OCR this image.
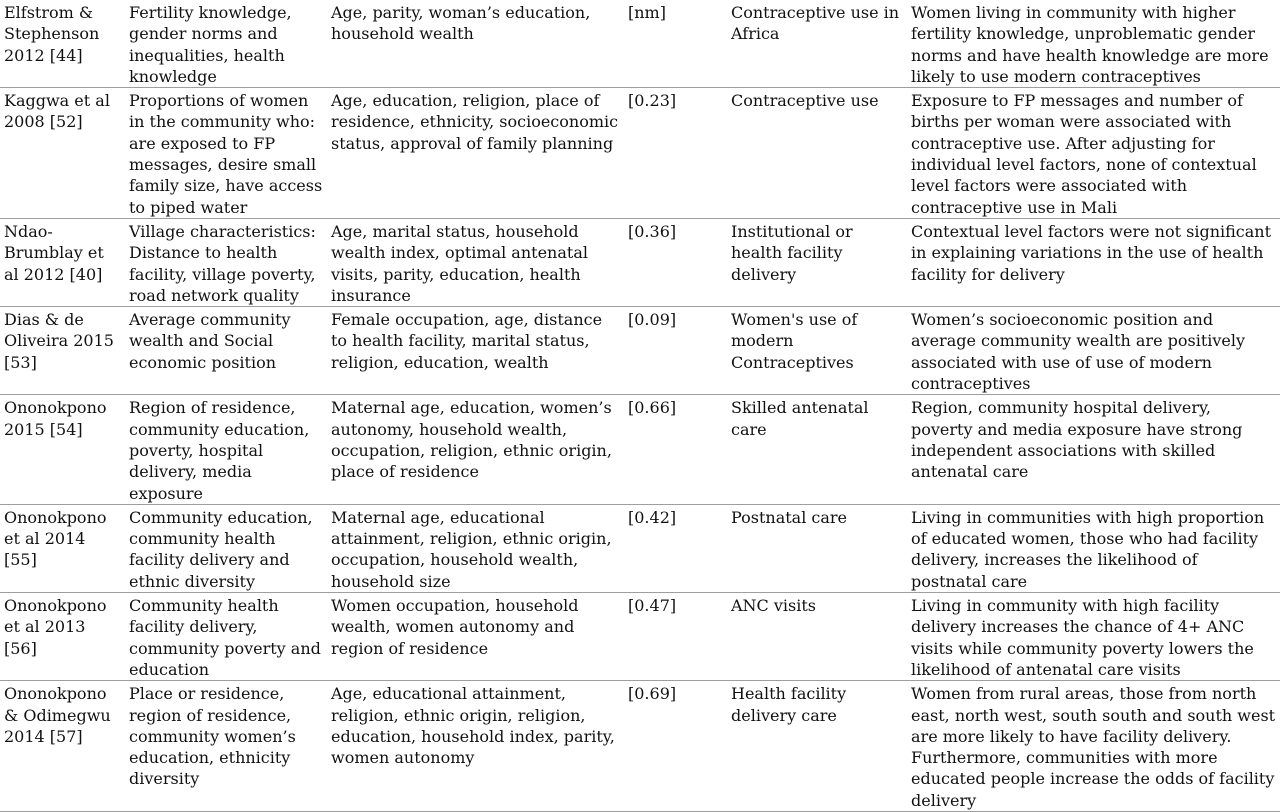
Elfstrom & Stephenson 2012 [44]	Fertility knowledge, gender norms and inequalities, health knowledge	Age, parity, woman’s education, household wealth	[nm]	Contraceptive use in Africa	Women living in community with higher fertility knowledge, unproblematic gender norms and have health knowledge are more likely to use modern contraceptives
Kaggwa et al 2008 [52]	Proportions of women in the community who: are exposed to FP messages, desire small family size, have access to piped water	Age, education, religion, place of residence, ethnicity, socioeconomic status, approval of family planning	[0.23]	Contraceptive use	Exposure to FP messages and number of births per woman were associated with contraceptive use. After adjusting for individual level factors, none of contextual level factors were associated with contraceptive use in Mali
Ndao-Brumblay et al 2012 [40]	Village characteristics: Distance to health facility, village poverty, road network quality	Age, marital status, household wealth index, optimal antenatal visits, parity, education, health insurance	[0.36]	Institutional or health facility delivery	Contextual level factors were not significant in explaining variations in the use of health facility for delivery
Dias & de Oliveira 2015 [53]	Average community wealth and Social economic position	Female occupation, age, distance to health facility, marital status, religion, education, wealth	[0.09]	Women's use of modern Contraceptives	Women’s socioeconomic position and average community wealth are positively associated with use of use of modern contraceptives
Ononokpono 2015 [54]	Region of residence, community education, poverty, hospital delivery, media exposure	Maternal age, education, women’s autonomy, household wealth, occupation, religion, ethnic origin, place of residence	[0.66]	Skilled antenatal care	Region, community hospital delivery, poverty and media exposure have strong independent associations with skilled antenatal care
Ononokpono et al 2014 [55]	Community education, community health facility delivery and ethnic diversity	Maternal age, educational attainment, religion, ethnic origin, occupation, household wealth, household size	[0.42]	Postnatal care	Living in communities with high proportion of educated women, those who had facility delivery, increases the likelihood of postnatal care
Ononokpono et al 2013 [56]	Community health facility delivery, community poverty and education	Women occupation, household wealth, women autonomy and region of residence	[0.47]	ANC visits	Living in community with high facility delivery increases the chance of 4+ ANC visits while community poverty lowers the likelihood of antenatal care visits
Ononokpono & Odimegwu 2014 [57]	Place or residence, region of residence, community women’s education, ethnicity diversity	Age, educational attainment, religion, ethnic origin, religion, education, household index, parity, women autonomy	[0.69]	Health facility delivery care	Women from rural areas, those from north east, north west, south south and south west are more likely to have facility delivery. Furthermore, communities with more educated people increase the odds of facility delivery
